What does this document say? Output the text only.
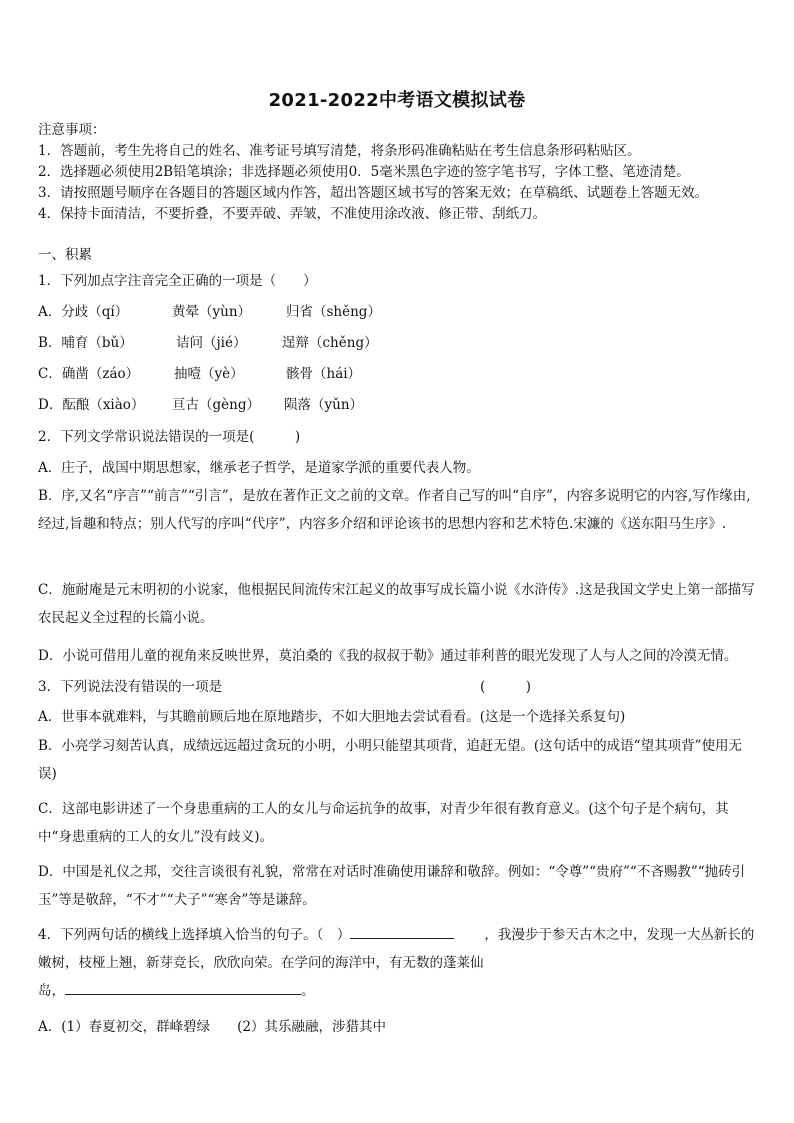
2021-2022中考语文模拟试卷
注意事项：
1．答题前，考生先将自己的姓名、准考证号填写清楚，将条形码准确粘贴在考生信息条形码粘贴区。
2．选择题必须使用2B铅笔填涂；非选择题必须使用0．5毫米黑色字迹的签字笔书写，字体工整、笔迹清楚。
3．请按照题号顺序在各题目的答题区域内作答，超出答题区域书写的答案无效；在草稿纸、试题卷上答题无效。
4．保持卡面清洁，不要折叠，不要弄破、弄皱，不准使用涂改液、修正带、刮纸刀。
一、积累
1．下列加点字注音完全正确的一项是（　　）
A．分歧（qí）	黄晕（yùn）	归省（shěng）
B．哺育（bǔ）	诘问（jié）	逞辩（chěng）
C．确凿（záo）	抽噎（yè）	骸骨（hái）
D．酝酿（xiào） 亘古（gèng） 陨落（yǔn）
2．下列文学常识说法错误的一项是(　　　)
A．庄子，战国中期思想家，继承老子哲学，是道家学派的重要代表人物。
B．序,又名“序言”“前言”“引言”，是放在著作正文之前的文章。作者自己写的叫“自序”，内容多说明它的内容,写作缘由,经过,旨趣和特点；别人代写的序叫“代序”，内容多介绍和评论该书的思想内容和艺术特色.宋濂的《送东阳马生序》.
C．施耐庵是元末明初的小说家，他根据民间流传宋江起义的故事写成长篇小说《水浒传》.这是我国文学史上第一部描写农民起义全过程的长篇小说。
D．小说可借用儿童的视角来反映世界，莫泊桑的《我的叔叔于勒》通过菲利普的眼光发现了人与人之间的冷漠无情。
3．下列说法没有错误的一项是	(　　　)
A．世事本就难料，与其瞻前顾后地在原地踏步，不如大胆地去尝试看看。(这是一个选择关系复句)
B．小亮学习刻苦认真，成绩远远超过贪玩的小明，小明只能望其项背，追赶无望。(这句话中的成语“望其项背”使用无误)
C．这部电影讲述了一个身患重病的工人的女儿与命运抗争的故事，对青少年很有教育意义。(这个句子是个病句，其中“身患重病的工人的女儿”没有歧义)。
D．中国是礼仪之邦，交往言谈很有礼貌，常常在对话时准确使用谦辞和敬辞。例如：“令尊”“贵府”“不吝赐教”“抛砖引玉”等是敬辞，“不才”“犬子”“寒舍”等是谦辞。
4．下列两句话的横线上选择填入恰当的句子。（　）	，我漫步于参天古木之中，发现一大丛新长的嫩树，枝桠上翘，新芽竞长，欣欣向荣。在学问的海洋中，有无数的蓬莱仙
岛，	。
A．(1）春夏初交，群峰碧绿　　(2）其乐融融，涉猎其中
